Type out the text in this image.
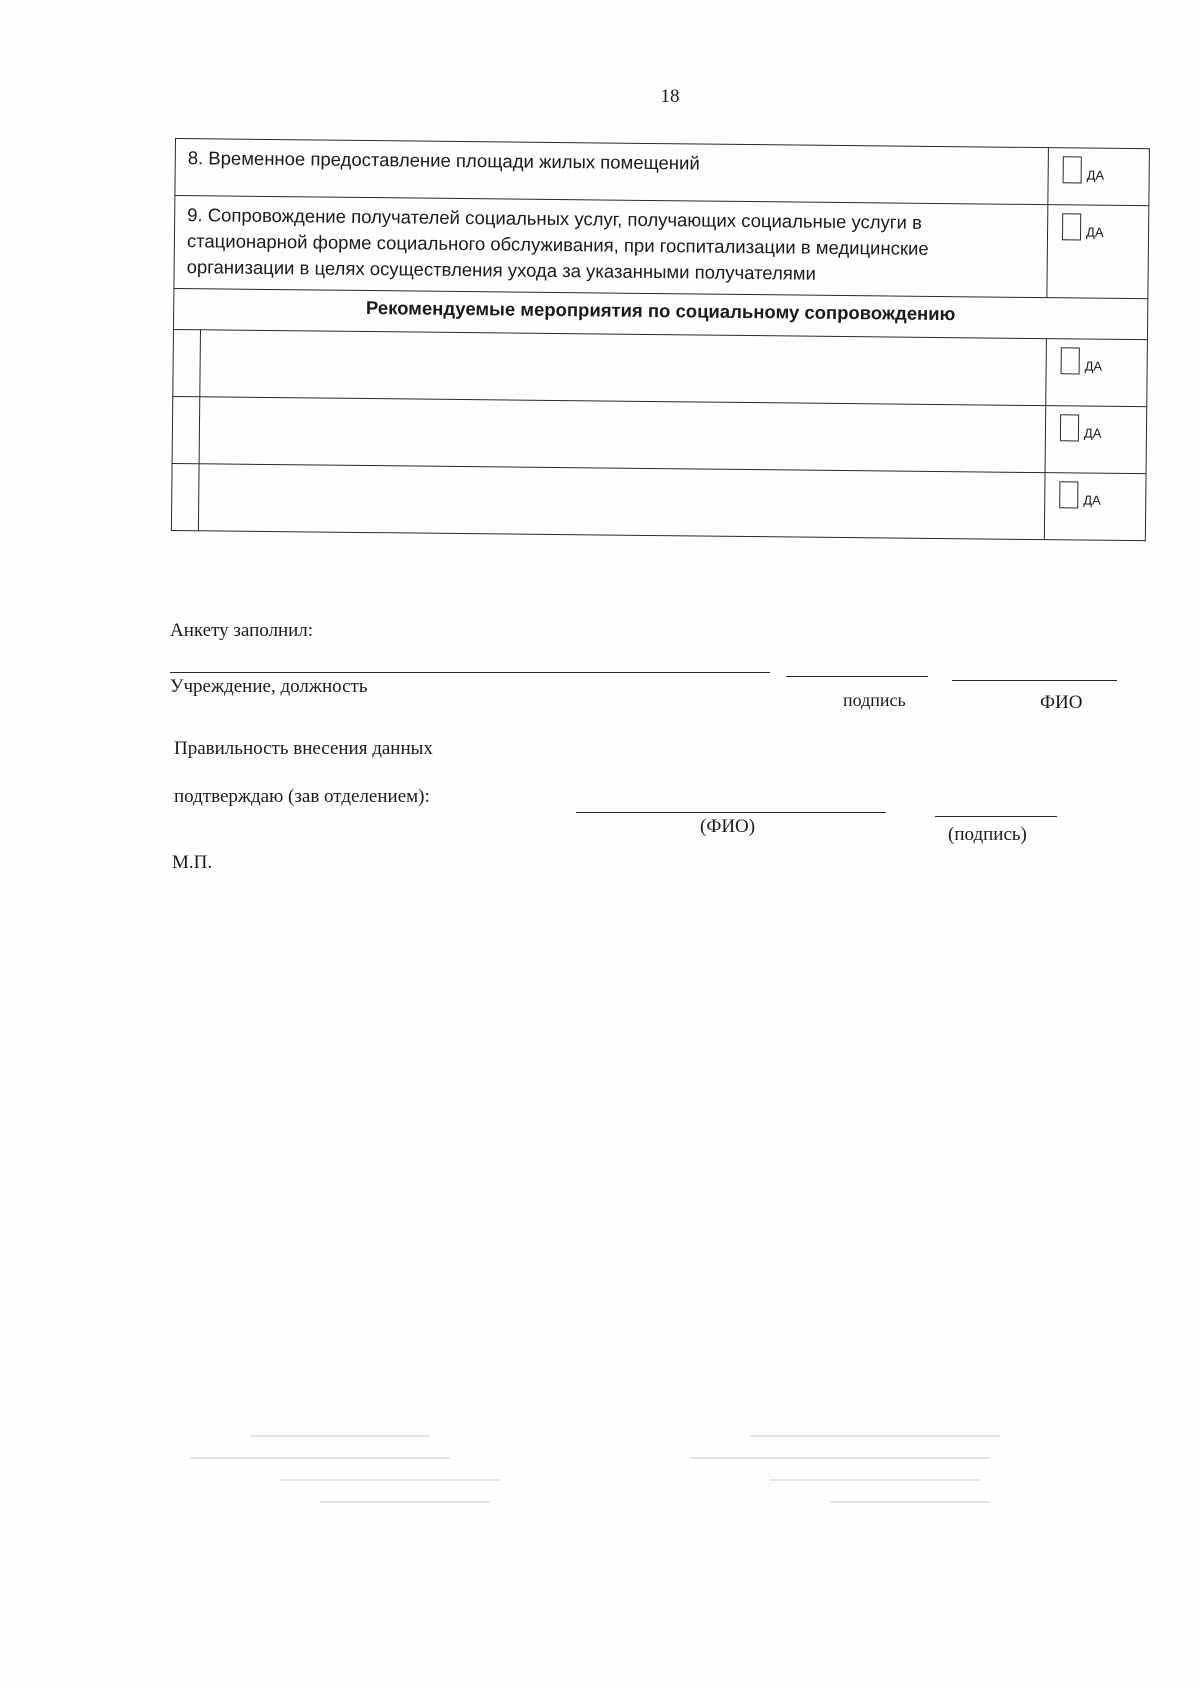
18
8. Временное предоставление площади жилых помещений		ДА
9. Сопровождение получателей социальных услуг, получающих социальные услуги в стационарной форме социального обслуживания, при госпитализации в медицинские организации в целях осуществления ухода за указанными получателями		ДА
Рекомендуемые мероприятия по социальному сопровождению		
		ДА
		ДА
		ДА
Анкету заполнил:
Учреждение, должность
подпись	ФИО
Правильность внесения данных
подтверждаю (зав отделением):
(ФИО)	(подпись)
М.П.
